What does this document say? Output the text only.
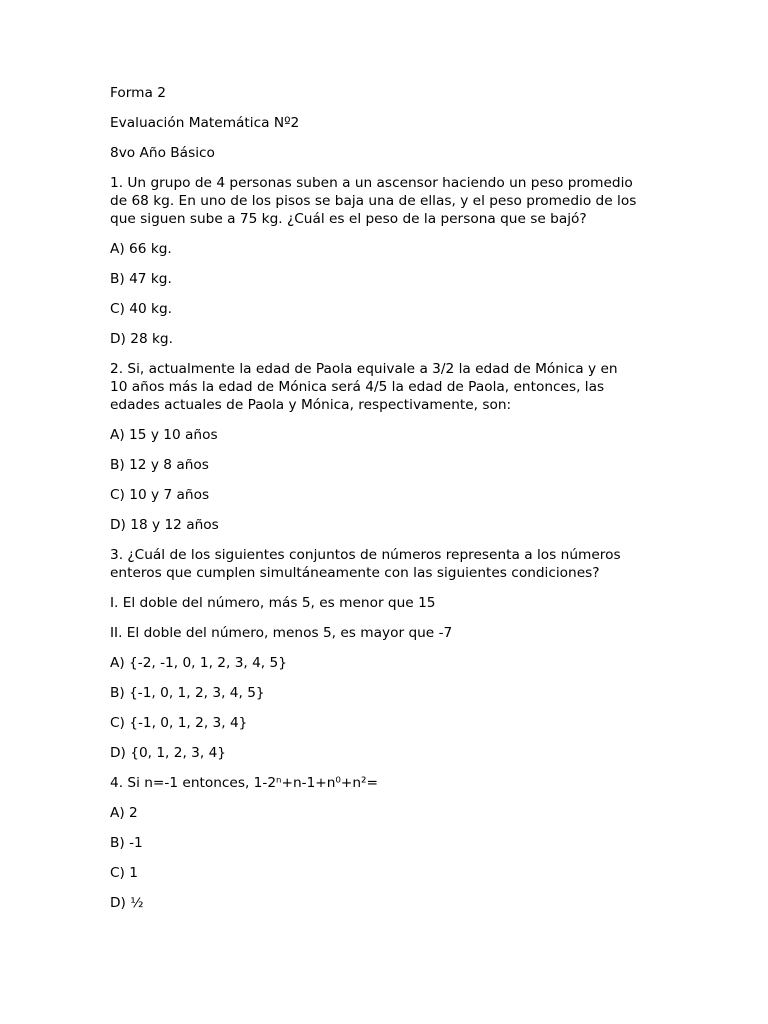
Forma 2

Evaluación Matemática Nº2

8vo Año Básico

1. Un grupo de 4 personas suben a un ascensor haciendo un peso promedio
de 68 kg. En uno de los pisos se baja una de ellas, y el peso promedio de los
que siguen sube a 75 kg. ¿Cuál es el peso de la persona que se bajó?

A) 66 kg.

B) 47 kg.

C) 40 kg.

D) 28 kg.

2. Si, actualmente la edad de Paola equivale a 3/2 la edad de Mónica y en
10 años más la edad de Mónica será 4/5 la edad de Paola, entonces, las
edades actuales de Paola y Mónica, respectivamente, son:

A) 15 y 10 años

B) 12 y 8 años

C) 10 y 7 años

D) 18 y 12 años

3. ¿Cuál de los siguientes conjuntos de números representa a los números
enteros que cumplen simultáneamente con las siguientes condiciones?

I. El doble del número, más 5, es menor que 15

II. El doble del número, menos 5, es mayor que -7

A) {-2, -1, 0, 1, 2, 3, 4, 5}

B) {-1, 0, 1, 2, 3, 4, 5}

C) {-1, 0, 1, 2, 3, 4}

D) {0, 1, 2, 3, 4}

4. Si n=-1 entonces, 1-2ⁿ+n-1+n⁰+n²=

A) 2

B) -1

C) 1

D) ½
